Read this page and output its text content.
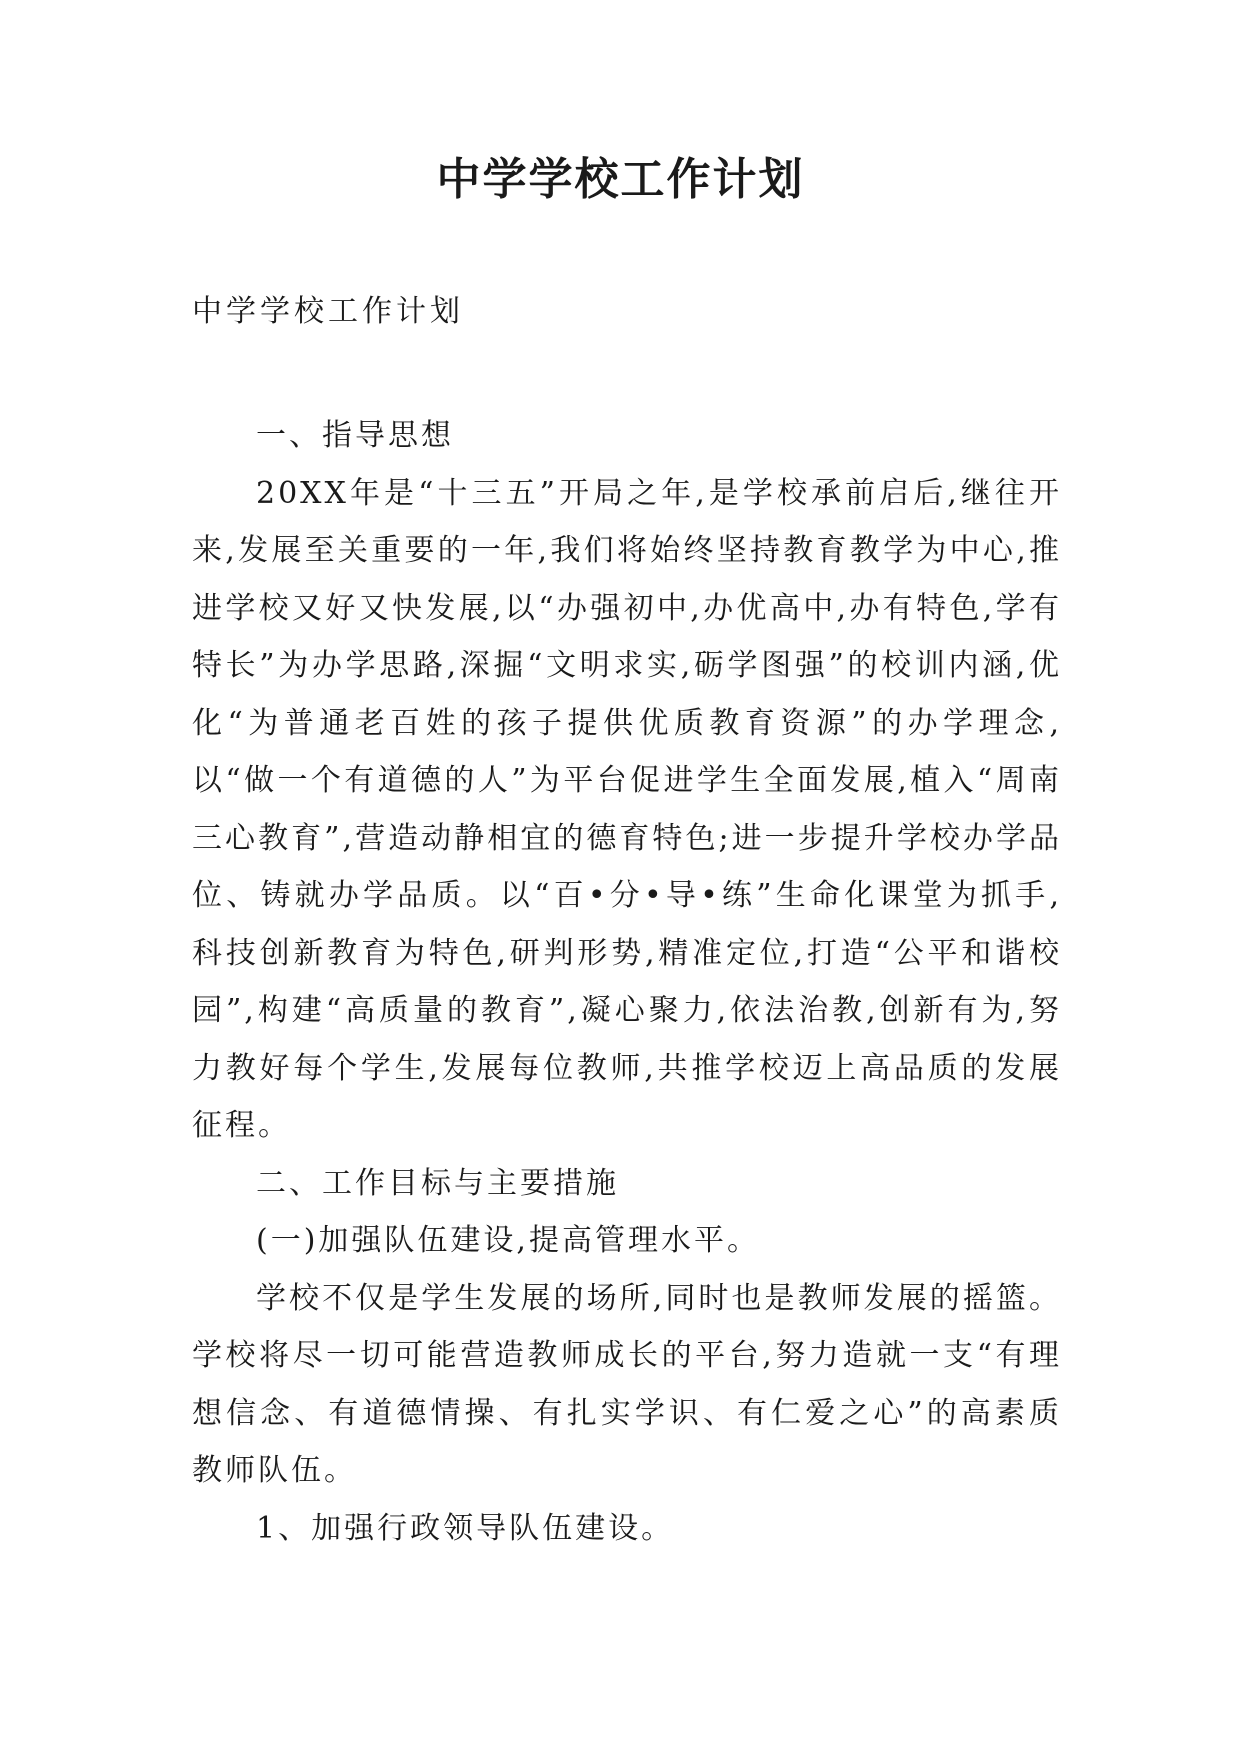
中学学校工作计划

中学学校工作计划

一、指导思想

20XX年是“十三五”开局之年,是学校承前启后,继往开来,发展至关重要的一年,我们将始终坚持教育教学为中心,推进学校又好又快发展,以“办强初中,办优高中,办有特色,学有特长”为办学思路,深掘“文明求实,砺学图强”的校训内涵,优化“为普通老百姓的孩子提供优质教育资源”的办学理念,以“做一个有道德的人”为平台促进学生全面发展,植入“周南三心教育”,营造动静相宜的德育特色;进一步提升学校办学品位、铸就办学品质。以“百•分•导•练”生命化课堂为抓手,科技创新教育为特色,研判形势,精准定位,打造“公平和谐校园”,构建“高质量的教育”,凝心聚力,依法治教,创新有为,努力教好每个学生,发展每位教师,共推学校迈上高品质的发展征程。

二、工作目标与主要措施

(一)加强队伍建设,提高管理水平。

学校不仅是学生发展的场所,同时也是教师发展的摇篮。学校将尽一切可能营造教师成长的平台,努力造就一支“有理想信念、有道德情操、有扎实学识、有仁爱之心”的高素质教师队伍。

1、加强行政领导队伍建设。
